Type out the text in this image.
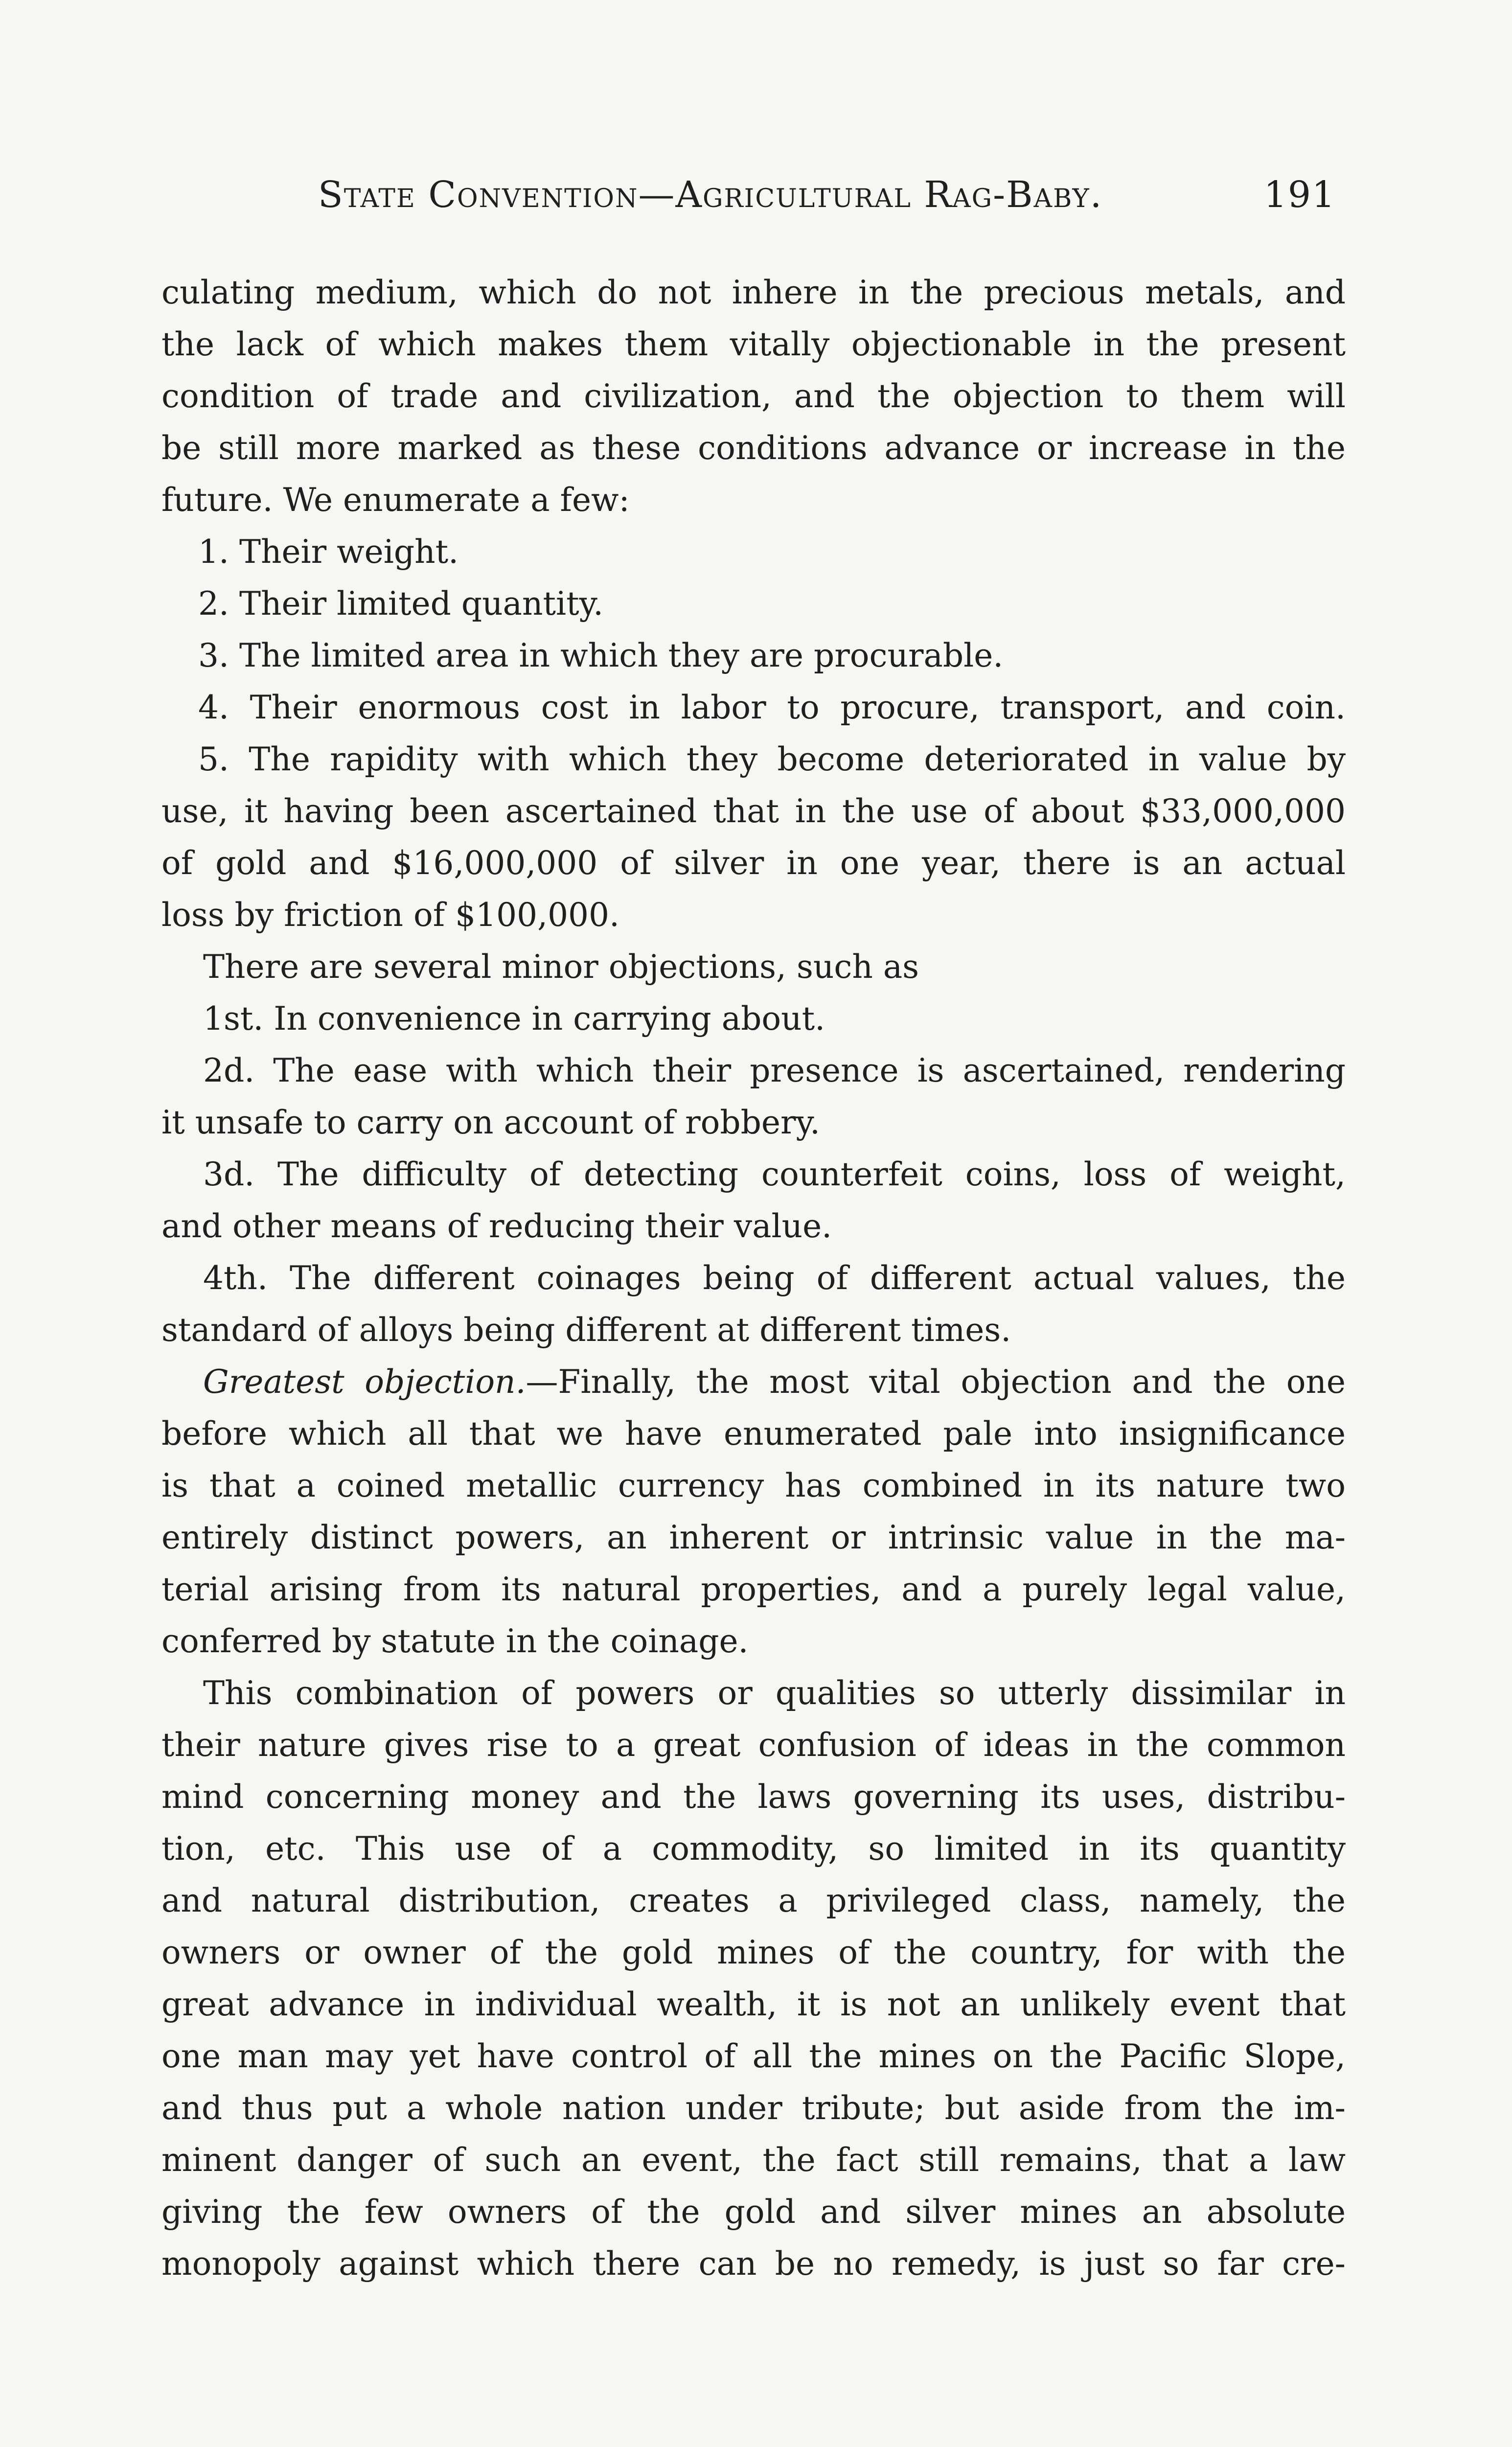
State Convention—Agricultural Rag-Baby.	191

culating medium, which do not inhere in the precious metals, and

the lack of which makes them vitally objectionable in the present

condition of trade and civilization, and the objection to them will

be still more marked as these conditions advance or increase in the

future. We enumerate a few:

1. Their weight.

2. Their limited quantity.

3. The limited area in which they are procurable.

4. Their enormous cost in labor to procure, transport, and coin.

5. The rapidity with which they become deteriorated in value by

use, it having been ascertained that in the use of about $33,000,000

of gold and $16,000,000 of silver in one year, there is an actual

loss by friction of $100,000.

There are several minor objections, such as

1st. In convenience in carrying about.

2d. The ease with which their presence is ascertained, rendering

it unsafe to carry on account of robbery.

3d. The difficulty of detecting counterfeit coins, loss of weight,

and other means of reducing their value.

4th. The different coinages being of different actual values, the

standard of alloys being different at different times.

Greatest objection.—Finally, the most vital objection and the one

before which all that we have enumerated pale into insignificance

is that a coined metallic currency has combined in its nature two

entirely distinct powers, an inherent or intrinsic value in the ma-

terial arising from its natural properties, and a purely legal value,

conferred by statute in the coinage.

This combination of powers or qualities so utterly dissimilar in

their nature gives rise to a great confusion of ideas in the common

mind concerning money and the laws governing its uses, distribu-

tion, etc. This use of a commodity, so limited in its quantity

and natural distribution, creates a privileged class, namely, the

owners or owner of the gold mines of the country, for with the

great advance in individual wealth, it is not an unlikely event that

one man may yet have control of all the mines on the Pacific Slope,

and thus put a whole nation under tribute; but aside from the im-

minent danger of such an event, the fact still remains, that a law

giving the few owners of the gold and silver mines an absolute

monopoly against which there can be no remedy, is just so far cre-
